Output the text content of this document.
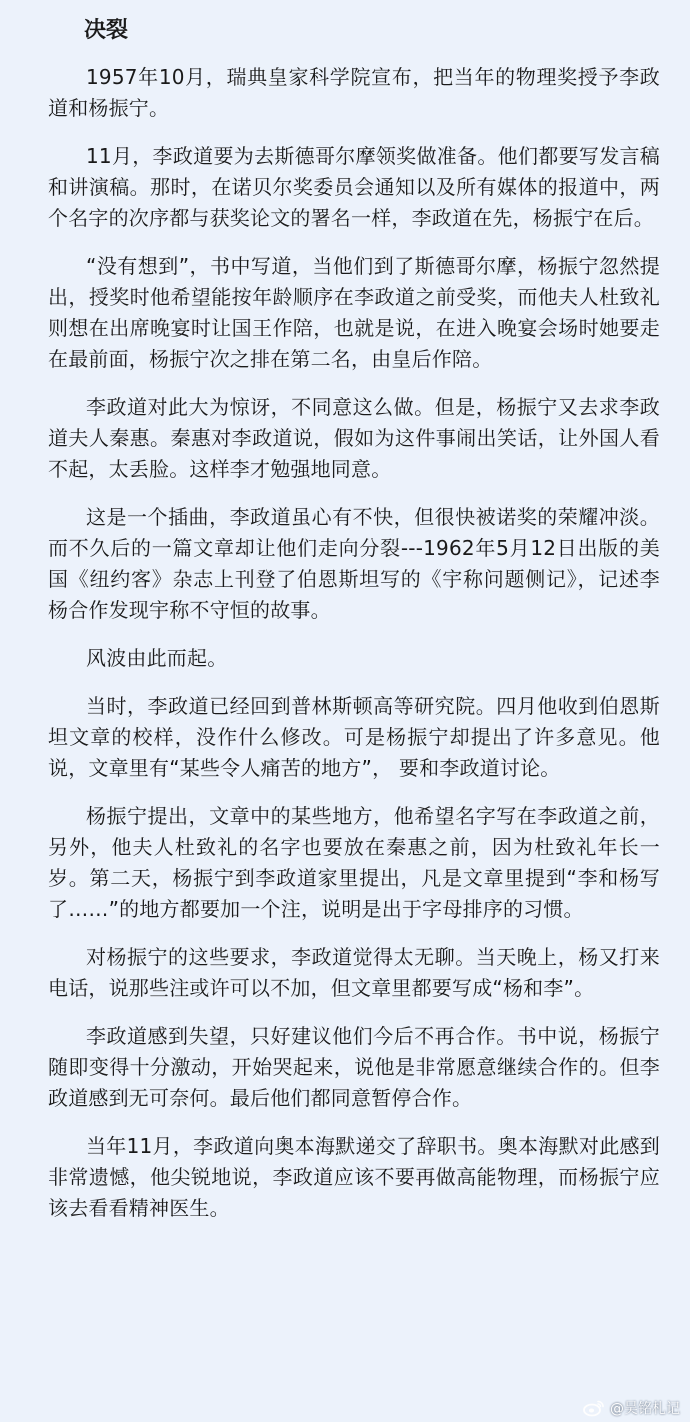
决裂

1957年10月，瑞典皇家科学院宣布，把当年的物理奖授予李政道和杨振宁。

11月，李政道要为去斯德哥尔摩领奖做准备。他们都要写发言稿和讲演稿。那时，在诺贝尔奖委员会通知以及所有媒体的报道中，两个名字的次序都与获奖论文的署名一样，李政道在先，杨振宁在后。

“没有想到”，书中写道，当他们到了斯德哥尔摩，杨振宁忽然提出，授奖时他希望能按年龄顺序在李政道之前受奖，而他夫人杜致礼则想在出席晚宴时让国王作陪，也就是说，在进入晚宴会场时她要走在最前面，杨振宁次之排在第二名，由皇后作陪。

李政道对此大为惊讶，不同意这么做。但是，杨振宁又去求李政道夫人秦惠。秦惠对李政道说，假如为这件事闹出笑话，让外国人看不起，太丢脸。这样李才勉强地同意。

这是一个插曲，李政道虽心有不快，但很快被诺奖的荣耀冲淡。而不久后的一篇文章却让他们走向分裂---1962年5月12日出版的美国《纽约客》杂志上刊登了伯恩斯坦写的《宇称问题侧记》，记述李杨合作发现宇称不守恒的故事。

风波由此而起。

当时，李政道已经回到普林斯顿高等研究院。四月他收到伯恩斯坦文章的校样，没作什么修改。可是杨振宁却提出了许多意见。他说，文章里有“某些令人痛苦的地方”， 要和李政道讨论。

杨振宁提出，文章中的某些地方，他希望名字写在李政道之前，另外，他夫人杜致礼的名字也要放在秦惠之前，因为杜致礼年长一岁。第二天，杨振宁到李政道家里提出，凡是文章里提到“李和杨写了……”的地方都要加一个注，说明是出于字母排序的习惯。

对杨振宁的这些要求，李政道觉得太无聊。当天晚上，杨又打来电话，说那些注或许可以不加，但文章里都要写成“杨和李”。

李政道感到失望，只好建议他们今后不再合作。书中说，杨振宁随即变得十分激动，开始哭起来，说他是非常愿意继续合作的。但李政道感到无可奈何。最后他们都同意暂停合作。

当年11月，李政道向奥本海默递交了辞职书。奥本海默对此感到非常遗憾，他尖锐地说，李政道应该不要再做高能物理，而杨振宁应该去看看精神医生。

@吴铭札记
